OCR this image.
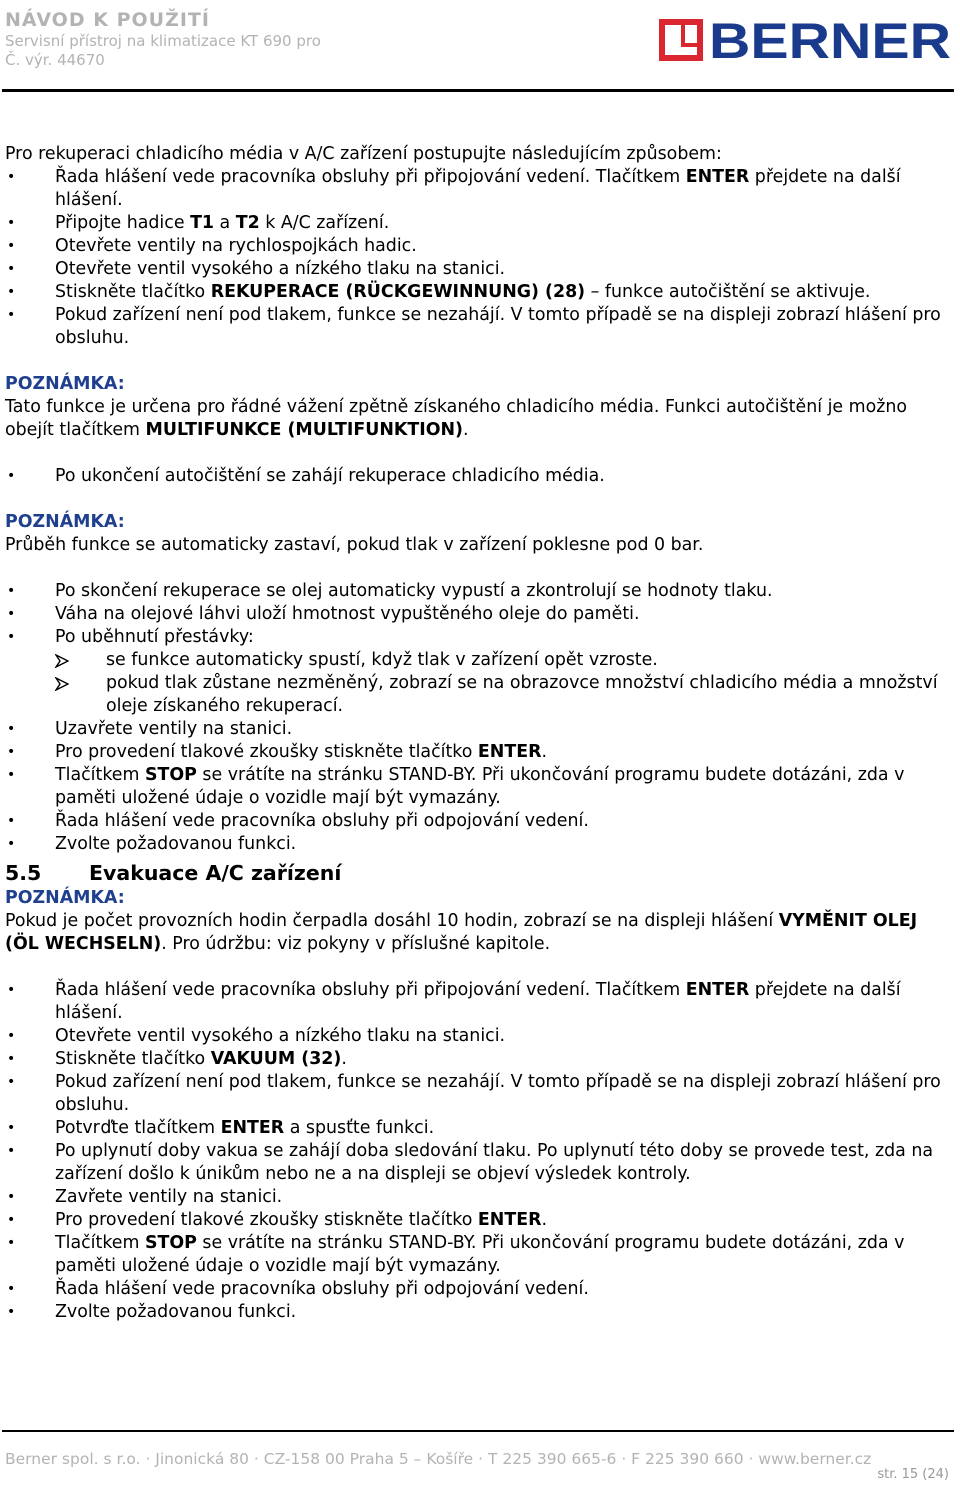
NÁVOD K POUŽITÍ
Servisní přístroj na klimatizace KT 690 pro
Č. výr. 44670	BERNER

Pro rekuperaci chladicího média v A/C zařízení postupujte následujícím způsobem:

• Řada hlášení vede pracovníka obsluhy při připojování vedení. Tlačítkem ENTER přejdete na další hlášení.
• Připojte hadice T1 a T2 k A/C zařízení.
• Otevřete ventily na rychlospojkách hadic.
• Otevřete ventil vysokého a nízkého tlaku na stanici.
• Stiskněte tlačítko REKUPERACE (RÜCKGEWINNUNG) (28) – funkce autočištění se aktivuje.
• Pokud zařízení není pod tlakem, funkce se nezahájí. V tomto případě se na displeji zobrazí hlášení pro obsluhu.

POZNÁMKA:

Tato funkce je určena pro řádné vážení zpětně získaného chladicího média. Funkci autočištění je možno obejít tlačítkem MULTIFUNKCE (MULTIFUNKTION).

• Po ukončení autočištění se zahájí rekuperace chladicího média.

POZNÁMKA:

Průběh funkce se automaticky zastaví, pokud tlak v zařízení poklesne pod 0 bar.

• Po skončení rekuperace se olej automaticky vypustí a zkontrolují se hodnoty tlaku.
• Váha na olejové láhvi uloží hmotnost vypuštěného oleje do paměti.
• Po uběhnutí přestávky:
se funkce automaticky spustí, když tlak v zařízení opět vzroste.
pokud tlak zůstane nezměněný, zobrazí se na obrazovce množství chladicího média a množství oleje získaného rekuperací.
• Uzavřete ventily na stanici.
• Pro provedení tlakové zkoušky stiskněte tlačítko ENTER.
• Tlačítkem STOP se vrátíte na stránku STAND-BY. Při ukončování programu budete dotázáni, zda v paměti uložené údaje o vozidle mají být vymazány.
• Řada hlášení vede pracovníka obsluhy při odpojování vedení.
• Zvolte požadovanou funkci.
5.5 Evakuace A/C zařízení

POZNÁMKA:

Pokud je počet provozních hodin čerpadla dosáhl 10 hodin, zobrazí se na displeji hlášení VYMĚNIT OLEJ (ÖL WECHSELN). Pro údržbu: viz pokyny v příslušné kapitole.

• Řada hlášení vede pracovníka obsluhy při připojování vedení. Tlačítkem ENTER přejdete na další hlášení.
• Otevřete ventil vysokého a nízkého tlaku na stanici.
• Stiskněte tlačítko VAKUUM (32).
• Pokud zařízení není pod tlakem, funkce se nezahájí. V tomto případě se na displeji zobrazí hlášení pro obsluhu.
• Potvrďte tlačítkem ENTER a spusťte funkci.
• Po uplynutí doby vakua se zahájí doba sledování tlaku. Po uplynutí této doby se provede test, zda na zařízení došlo k únikům nebo ne a na displeji se objeví výsledek kontroly.
• Zavřete ventily na stanici.
• Pro provedení tlakové zkoušky stiskněte tlačítko ENTER.
• Tlačítkem STOP se vrátíte na stránku STAND-BY. Při ukončování programu budete dotázáni, zda v paměti uložené údaje o vozidle mají být vymazány.
• Řada hlášení vede pracovníka obsluhy při odpojování vedení.
• Zvolte požadovanou funkci.
Berner spol. s r.o. · Jinonická 80 · CZ-158 00 Praha 5 – Košíře · T 225 390 665-6 · F 225 390 660 · www.berner.cz
str. 15 (24)
